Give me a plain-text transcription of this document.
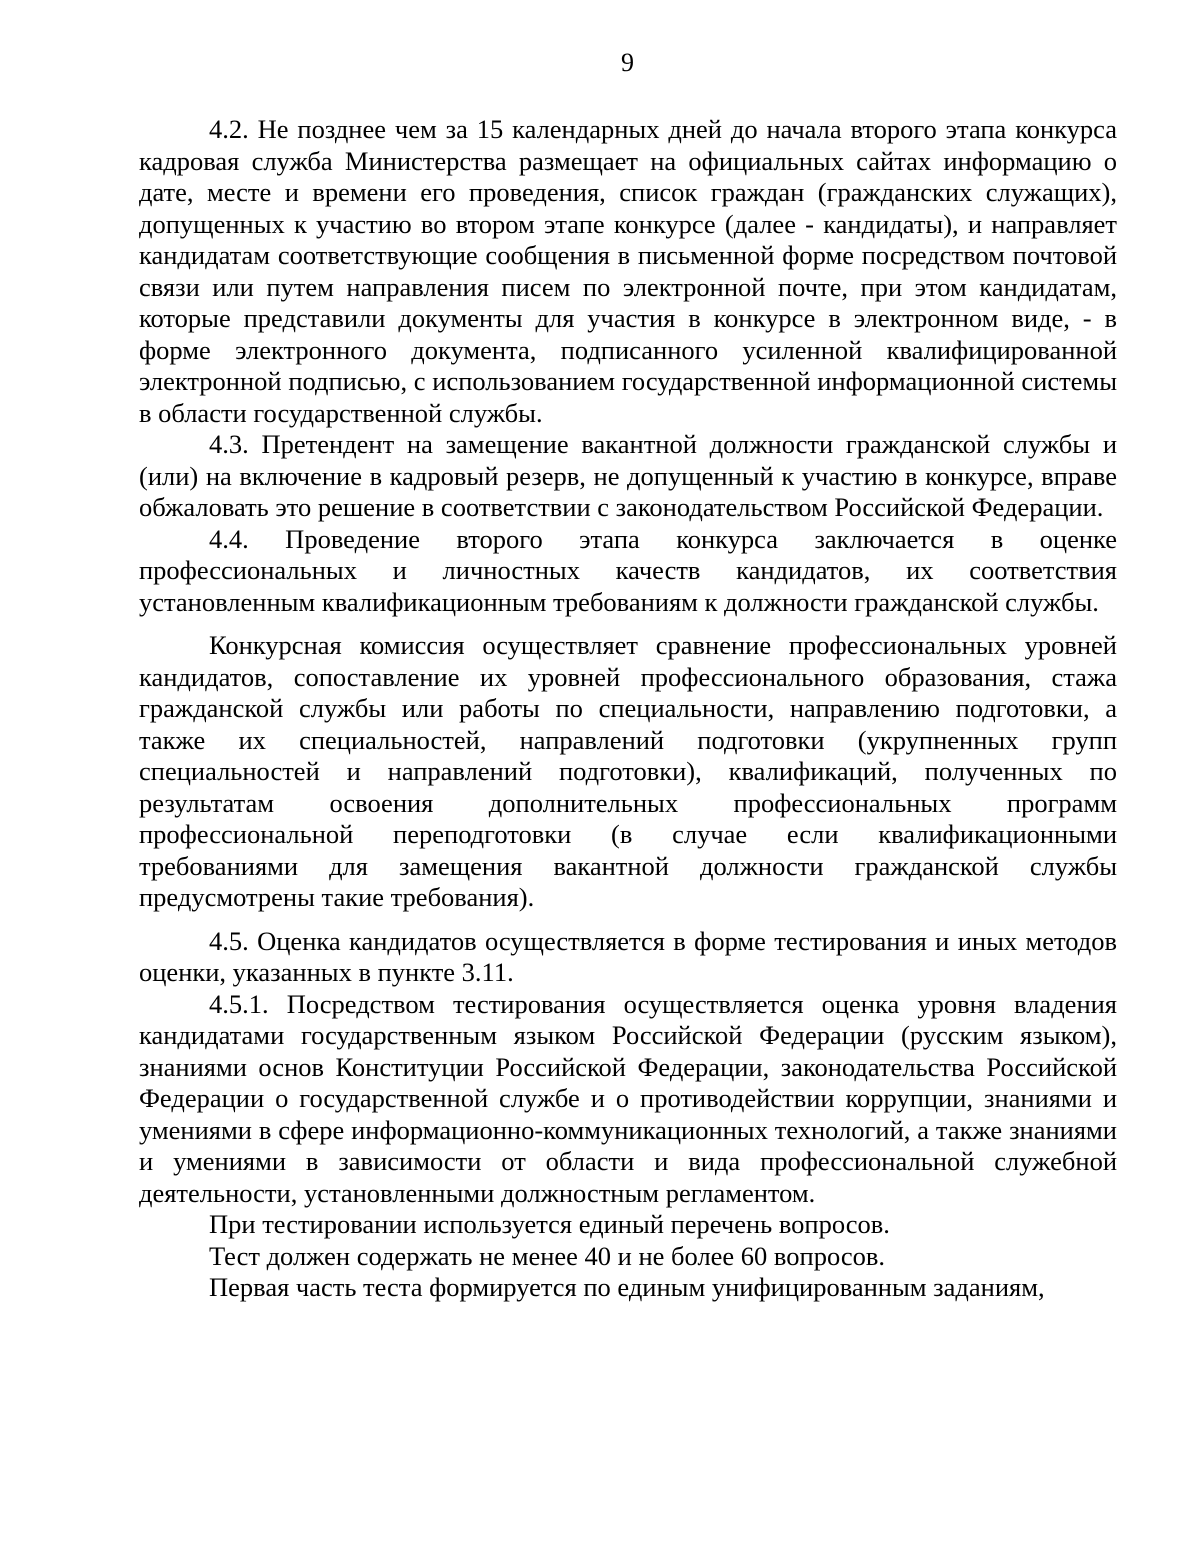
9

4.2. Не позднее чем за 15 календарных дней до начала второго этапа конкурса кадровая служба Министерства размещает на официальных сайтах информацию о дате, месте и времени его проведения, список граждан (гражданских служащих), допущенных к участию во втором этапе конкурсе (далее - кандидаты), и направляет кандидатам соответствующие сообщения в письменной форме посредством почтовой связи или путем направления писем по электронной почте, при этом кандидатам, которые представили документы для участия в конкурсе в электронном виде, - в форме электронного документа, подписанного усиленной квалифицированной электронной подписью, с использованием государственной информационной системы в области государственной службы.

4.3. Претендент на замещение вакантной должности гражданской службы и (или) на включение в кадровый резерв, не допущенный к участию в конкурсе, вправе обжаловать это решение в соответствии с законодательством Российской Федерации.

4.4. Проведение второго этапа конкурса заключается в оценке профессиональных и личностных качеств кандидатов, их соответствия установленным квалификационным требованиям к должности гражданской службы.

Конкурсная комиссия осуществляет сравнение профессиональных уровней кандидатов, сопоставление их уровней профессионального образования, стажа гражданской службы или работы по специальности, направлению подготовки, а также их специальностей, направлений подготовки (укрупненных групп специальностей и направлений подготовки), квалификаций, полученных по результатам освоения дополнительных профессиональных программ профессиональной переподготовки (в случае если квалификационными требованиями для замещения вакантной должности гражданской службы предусмотрены такие требования).

4.5. Оценка кандидатов осуществляется в форме тестирования и иных методов оценки, указанных в пункте 3.11.

4.5.1. Посредством тестирования осуществляется оценка уровня владения кандидатами государственным языком Российской Федерации (русским языком), знаниями основ Конституции Российской Федерации, законодательства Российской Федерации о государственной службе и о противодействии коррупции, знаниями и умениями в сфере информационно-коммуникационных технологий, а также знаниями и умениями в зависимости от области и вида профессиональной служебной деятельности, установленными должностным регламентом.

При тестировании используется единый перечень вопросов.

Тест должен содержать не менее 40 и не более 60 вопросов.

Первая часть теста формируется по единым унифицированным заданиям,
